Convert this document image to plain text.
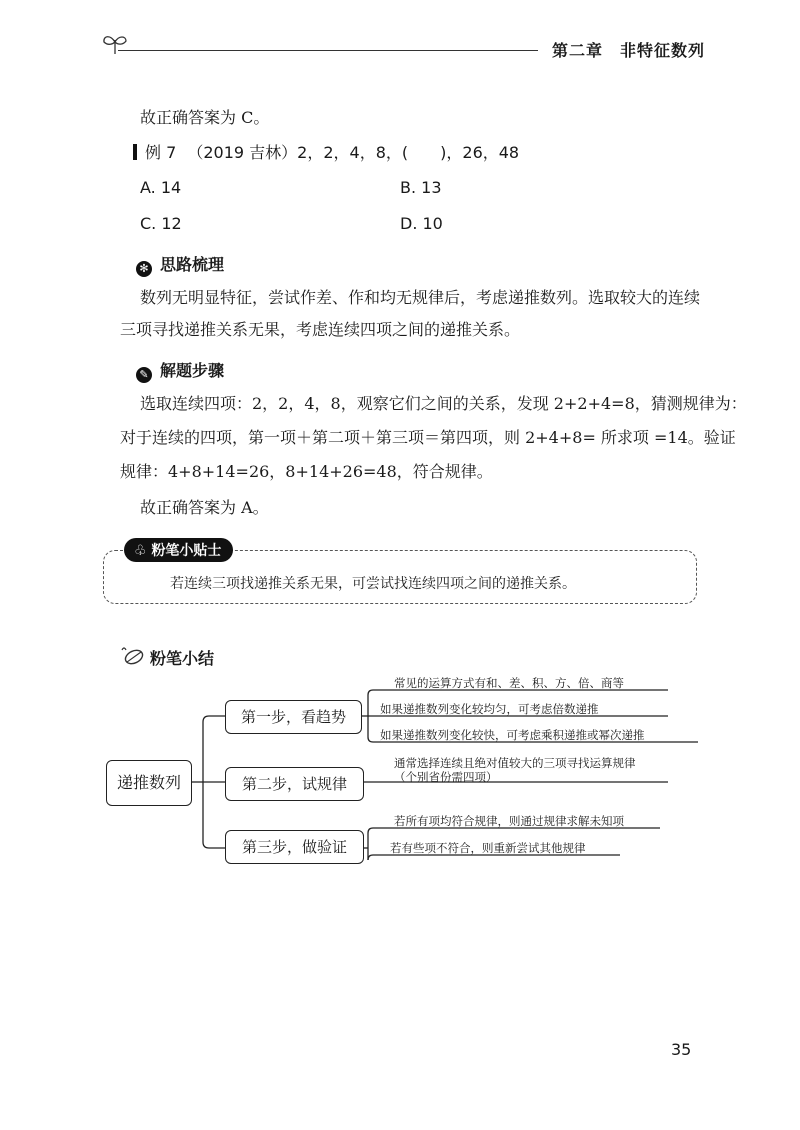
第二章　非特征数列
故正确答案为 C。
例 7 （2019 吉林）2，2，4，8，(　　)，26，48
A. 14	B. 13
C. 12	D. 10
✻ 思路梳理
数列无明显特征，尝试作差、作和均无规律后，考虑递推数列。选取较大的连续
三项寻找递推关系无果，考虑连续四项之间的递推关系。
✎ 解题步骤
选取连续四项：2，2，4，8，观察它们之间的关系，发现 2+2+4=8，猜测规律为：
对于连续的四项，第一项＋第二项＋第三项＝第四项，则 2+4+8= 所求项 =14。验证
规律：4+8+14=26，8+14+26=48，符合规律。
故正确答案为 A。
♧ 粉笔小贴士
若连续三项找递推关系无果，可尝试找连续四项之间的递推关系。
粉笔小结
递推数列
第一步，看趋势
第二步，试规律
第三步，做验证
常见的运算方式有和、差、积、方、倍、商等
如果递推数列变化较均匀，可考虑倍数递推
如果递推数列变化较快，可考虑乘积递推或幂次递推
通常选择连续且绝对值较大的三项寻找运算规律
（个别省份需四项）
若所有项均符合规律，则通过规律求解未知项
若有些项不符合，则重新尝试其他规律
35
